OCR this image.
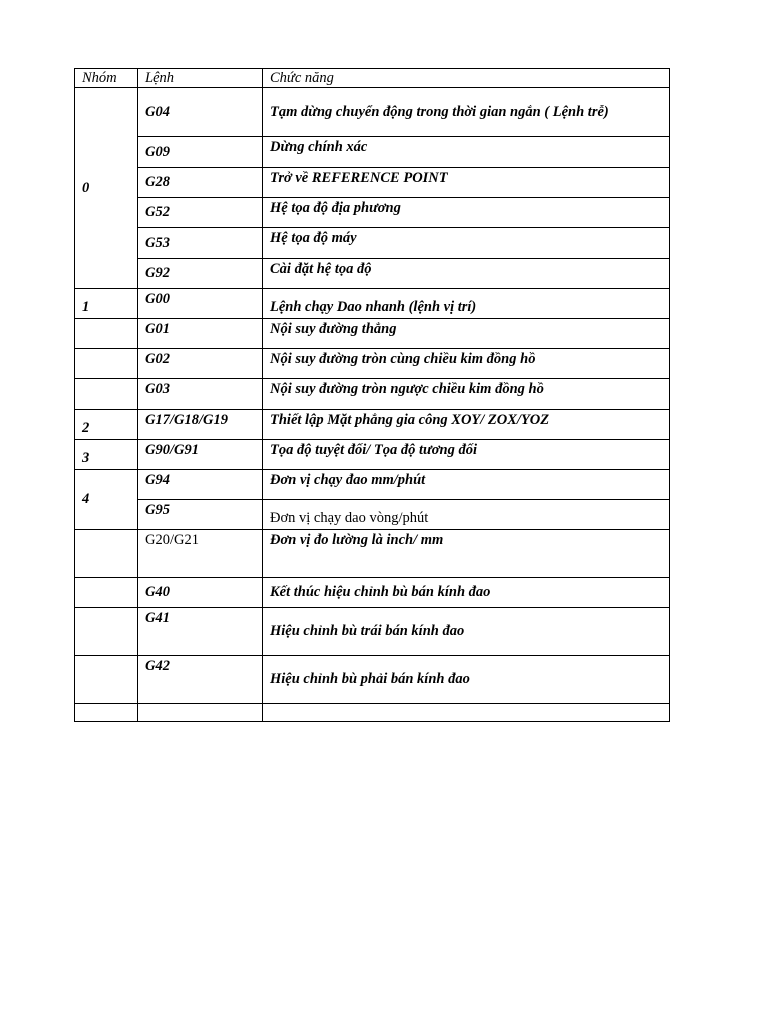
Nhóm	Lệnh	Chức năng
0	G04	Tạm dừng chuyển động trong thời gian ngắn ( Lệnh trễ)
	G09	Dừng chính xác
	G28	Trở về REFERENCE POINT
	G52	Hệ tọa độ địa phương
	G53	Hệ tọa độ máy
	G92	Cài đặt hệ tọa độ
1	G00	Lệnh chạy Dao nhanh (lệnh vị trí)
	G01	Nội suy đường thẳng
	G02	Nội suy đường tròn cùng chiều kim đồng hồ
	G03	Nội suy đường tròn ngược chiều kim đồng hồ
2	G17/G18/G19	Thiết lập Mặt phẳng gia công XOY/ ZOX/YOZ
3	G90/G91	Tọa độ tuyệt đối/ Tọa độ tương đối
4	G94	Đơn vị chạy đao mm/phút
	G95	Đơn vị chạy dao vòng/phút
	G20/G21	Đơn vị đo lường là inch/ mm
	G40	Kết thúc hiệu chỉnh bù bán kính đao
	G41	Hiệu chỉnh bù trái bán kính đao
	G42	Hiệu chỉnh bù phải bán kính đao
